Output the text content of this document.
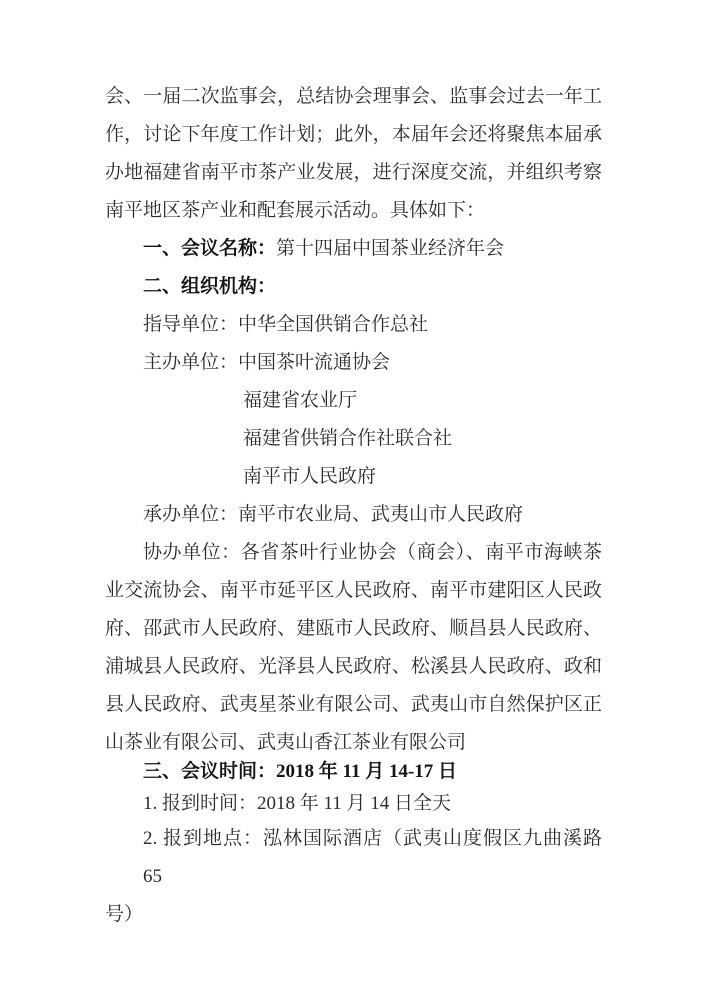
会、一届二次监事会，总结协会理事会、监事会过去一年工

作，讨论下年度工作计划；此外，本届年会还将聚焦本届承

办地福建省南平市茶产业发展，进行深度交流，并组织考察

南平地区茶产业和配套展示活动。具体如下：

一、会议名称：第十四届中国茶业经济年会

二、组织机构：

指导单位：中华全国供销合作总社

主办单位：中国茶叶流通协会

福建省农业厅

福建省供销合作社联合社

南平市人民政府

承办单位：南平市农业局、武夷山市人民政府

协办单位：各省茶叶行业协会（商会）、南平市海峡茶

业交流协会、南平市延平区人民政府、南平市建阳区人民政

府、邵武市人民政府、建瓯市人民政府、顺昌县人民政府、

浦城县人民政府、光泽县人民政府、松溪县人民政府、政和

县人民政府、武夷星茶业有限公司、武夷山市自然保护区正

山茶业有限公司、武夷山香江茶业有限公司

三、会议时间：2018 年 11 月 14-17 日

1. 报到时间：2018 年 11 月 14 日全天

2. 报到地点：泓林国际酒店（武夷山度假区九曲溪路 65

号）
